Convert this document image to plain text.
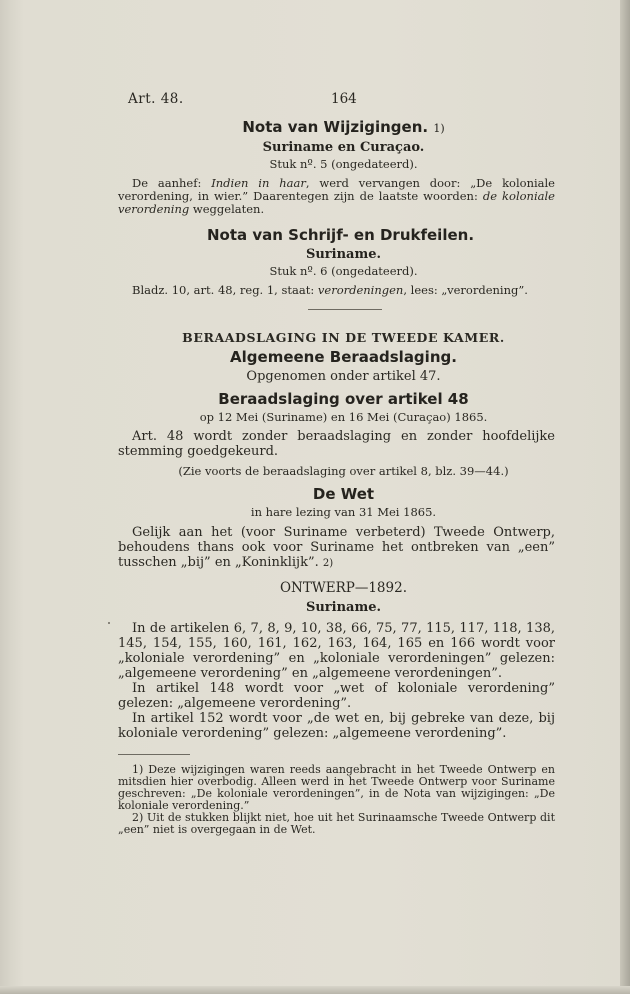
Art. 48.	164
Nota van Wijzigingen. 1)
Suriname en Curaçao.
Stuk nº. 5 (ongedateerd).
De aanhef: Indien in haar, werd vervangen door: „De koloniale verordening, in wier.” Daarentegen zijn de laatste woorden: de koloniale verordening weggelaten.
Nota van Schrijf- en Drukfeilen.
Suriname.
Stuk nº. 6 (ongedateerd).
Bladz. 10, art. 48, reg. 1, staat: verordeningen, lees: „verordening”.
BERAADSLAGING IN DE TWEEDE KAMER.
Algemeene Beraadslaging.
Opgenomen onder artikel 47.
Beraadslaging over artikel 48
op 12 Mei (Suriname) en 16 Mei (Curaçao) 1865.
Art. 48 wordt zonder beraadslaging en zonder hoofdelijke stemming goedgekeurd.
(Zie voorts de beraadslaging over artikel 8, blz. 39—44.)
De Wet
in hare lezing van 31 Mei 1865.
Gelijk aan het (voor Suriname verbeterd) Tweede Ontwerp, behoudens thans ook voor Suriname het ontbreken van „een” tusschen „bij” en „Koninklijk”. 2)
ONTWERP—1892.
Suriname.
In de artikelen 6, 7, 8, 9, 10, 38, 66, 75, 77, 115, 117, 118, 138, 145, 154, 155, 160, 161, 162, 163, 164, 165 en 166 wordt voor „koloniale verordening” en „koloniale verordeningen” gelezen: „algemeene verordening” en „algemeene verordeningen”.
In artikel 148 wordt voor „wet of koloniale verordening” gelezen: „algemeene verordening”.
In artikel 152 wordt voor „de wet en, bij gebreke van deze, bij koloniale verordening” gelezen: „algemeene verordening”.
1) Deze wijzigingen waren reeds aangebracht in het Tweede Ontwerp en mitsdien hier overbodig. Alleen werd in het Tweede Ontwerp voor Suriname geschreven: „De koloniale verordeningen”, in de Nota van wijzigingen: „De koloniale verordening.”
2) Uit de stukken blijkt niet, hoe uit het Surinaamsche Tweede Ontwerp dit „een” niet is overgegaan in de Wet.
